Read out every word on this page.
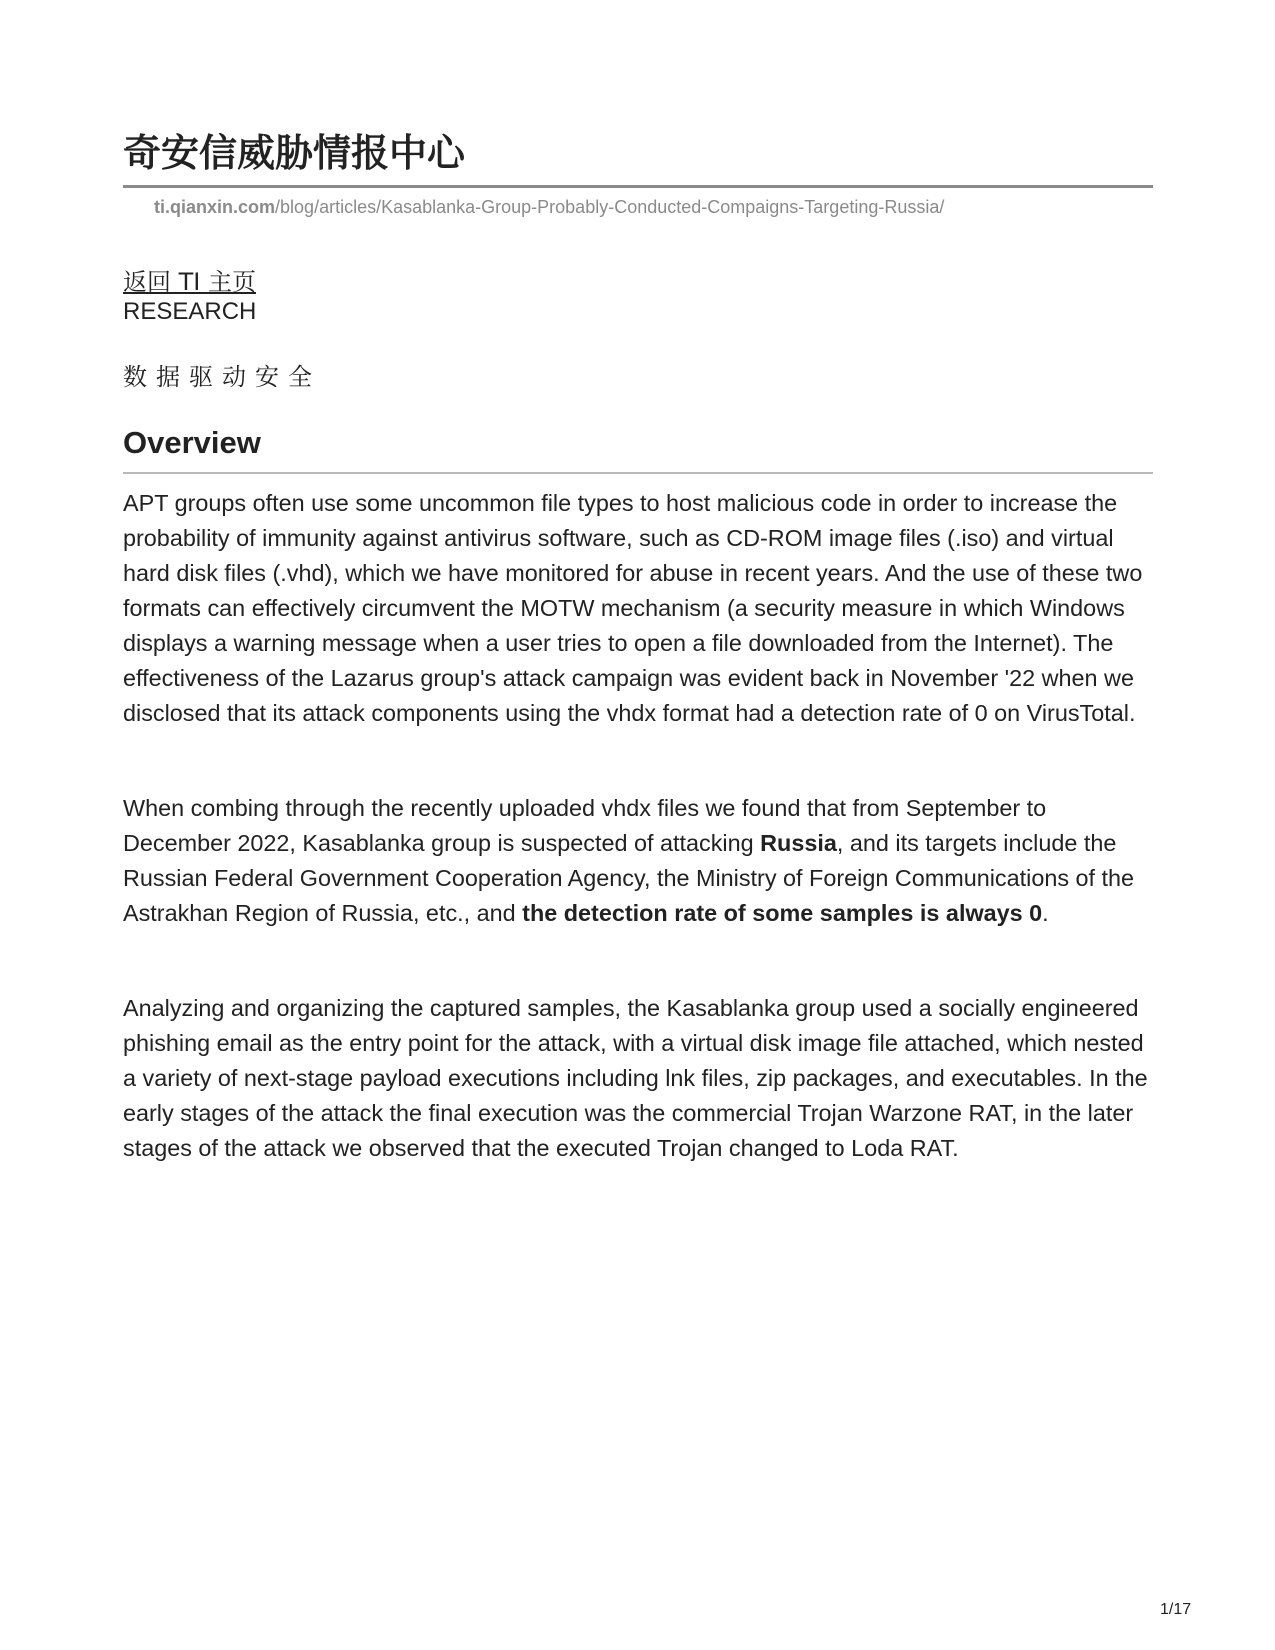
奇安信威胁情报中心
ti.qianxin.com/blog/articles/Kasablanka-Group-Probably-Conducted-Compaigns-Targeting-Russia/
返回 TI 主页
RESEARCH
数据驱动安全
Overview

APT groups often use some uncommon file types to host malicious code in order to increase the probability of immunity against antivirus software, such as CD-ROM image files (.iso) and virtual hard disk files (.vhd), which we have monitored for abuse in recent years. And the use of these two formats can effectively circumvent the MOTW mechanism (a security measure in which Windows displays a warning message when a user tries to open a file downloaded from the Internet). The effectiveness of the Lazarus group's attack campaign was evident back in November '22 when we disclosed that its attack components using the vhdx format had a detection rate of 0 on VirusTotal.

When combing through the recently uploaded vhdx files we found that from September to December 2022, Kasablanka group is suspected of attacking Russia, and its targets include the Russian Federal Government Cooperation Agency, the Ministry of Foreign Communications of the Astrakhan Region of Russia, etc., and the detection rate of some samples is always 0.

Analyzing and organizing the captured samples, the Kasablanka group used a socially engineered phishing email as the entry point for the attack, with a virtual disk image file attached, which nested a variety of next-stage payload executions including lnk files, zip packages, and executables. In the early stages of the attack the final execution was the commercial Trojan Warzone RAT, in the later stages of the attack we observed that the executed Trojan changed to Loda RAT.

1/17
